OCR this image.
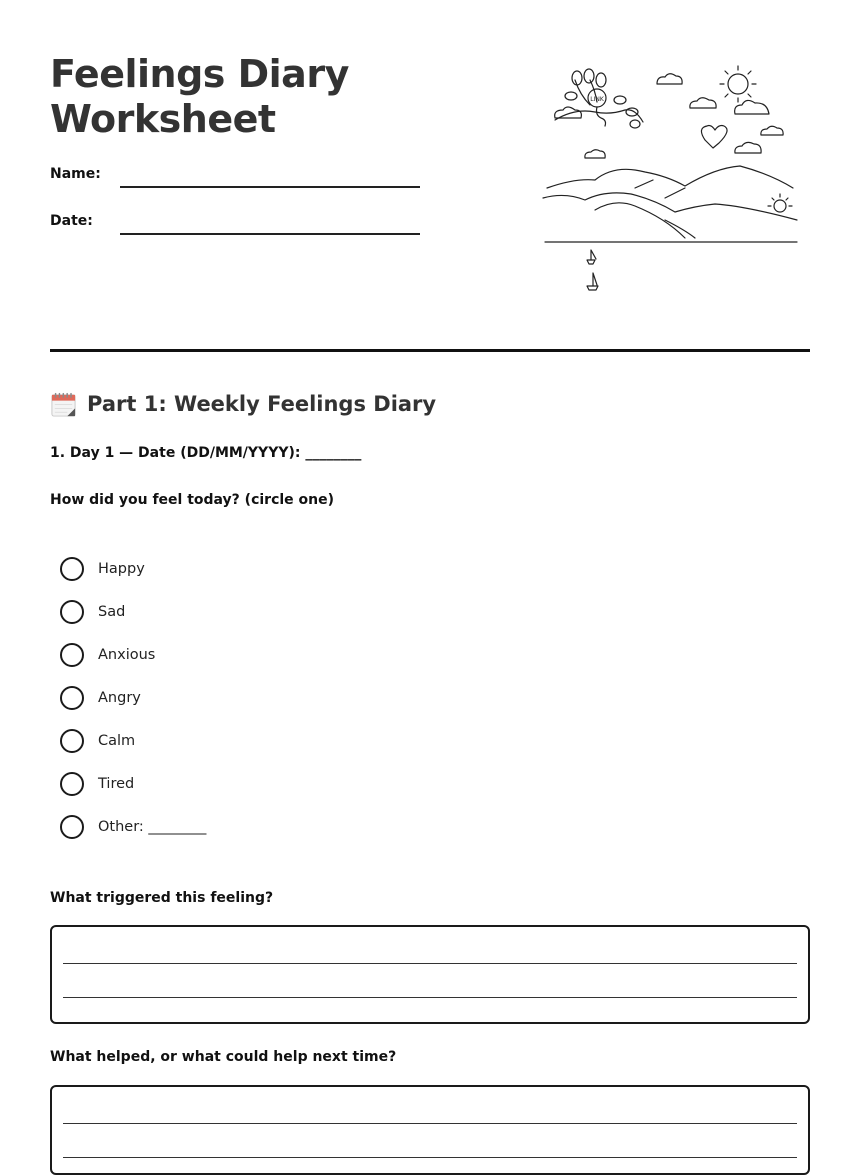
Feelings Diary Worksheet
Name:
Date:
LINK
Part 1: Weekly Feelings Diary
1. Day 1 — Date (DD/MM/YYYY): ________
How did you feel today? (circle one)
Happy
Sad
Anxious
Angry
Calm
Tired
Other: ________
What triggered this feeling?
What helped, or what could help next time?
